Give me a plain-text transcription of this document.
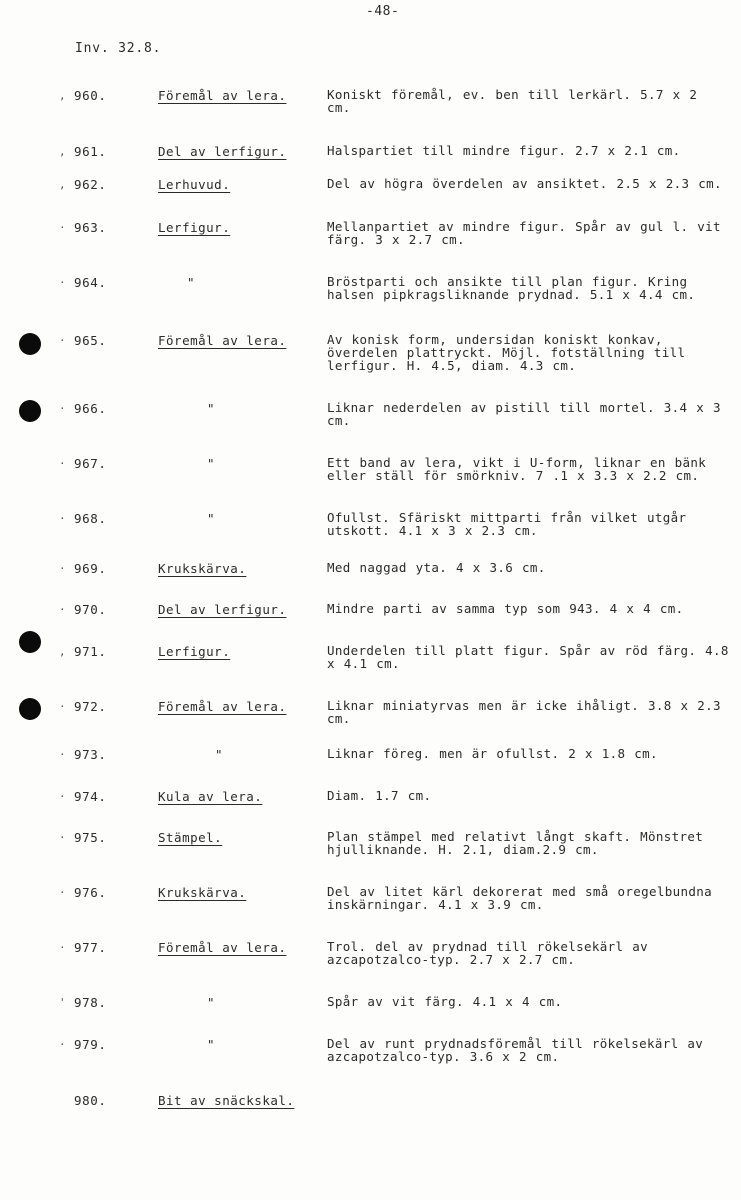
-48-
Inv. 32.8.
, 960.	Föremål av lera.	Koniskt föremål, ev. ben till lerkärl. 5.7 x 2 cm.
, 961.	Del av lerfigur.	Halspartiet till mindre figur. 2.7 x 2.1 cm.
, 962.	Lerhuvud.	Del av högra överdelen av ansiktet. 2.5 x 2.3 cm.
· 963.	Lerfigur.	Mellanpartiet av mindre figur. Spår av gul l. vit färg. 3 x 2.7 cm.
· 964.	"	Bröstparti och ansikte till plan figur. Kring halsen pipkragsliknande prydnad. 5.1 x 4.4 cm.
· 965.	Föremål av lera.	Av konisk form, undersidan koniskt konkav, överdelen plattryckt. Möjl. fotställning till lerfigur. H. 4.5, diam. 4.3 cm.
· 966.	"	Liknar nederdelen av pistill till mortel. 3.4 x 3 cm.
· 967.	"	Ett band av lera, vikt i U-form, liknar en bänk eller ställ för smörkniv. 7 .1 x 3.3 x 2.2 cm.
· 968.	"	Ofullst. Sfäriskt mittparti från vilket utgår utskott. 4.1 x 3 x 2.3 cm.
· 969.	Krukskärva.	Med naggad yta. 4 x 3.6 cm.
· 970.	Del av lerfigur.	Mindre parti av samma typ som 943. 4 x 4 cm.
, 971.	Lerfigur.	Underdelen till platt figur. Spår av röd färg. 4.8 x 4.1 cm.
· 972.	Föremål av lera.	Liknar miniatyrvas men är icke ihåligt. 3.8 x 2.3 cm.
· 973.	"	Liknar föreg. men är ofullst. 2 x 1.8 cm.
· 974.	Kula av lera.	Diam. 1.7 cm.
· 975.	Stämpel.	Plan stämpel med relativt långt skaft. Mönstret hjulliknande. H. 2.1, diam.2.9 cm.
· 976.	Krukskärva.	Del av litet kärl dekorerat med små oregelbundna inskärningar. 4.1 x 3.9 cm.
· 977.	Föremål av lera.	Trol. del av prydnad till rökelsekärl av azcapotzalco-typ. 2.7 x 2.7 cm.
' 978.	"	Spår av vit färg. 4.1 x 4 cm.
· 979.	"	Del av runt prydnadsföremål till rökelsekärl av azcapotzalco-typ. 3.6 x 2 cm.
980.	Bit av snäckskal.
